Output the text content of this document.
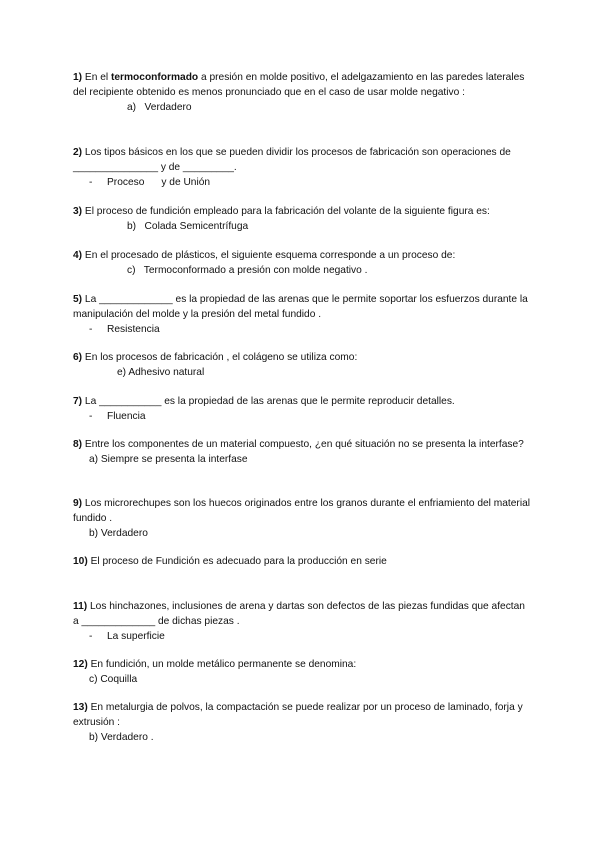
1) En el termoconformado a presión en molde positivo, el adelgazamiento en las paredes laterales del recipiente obtenido es menos pronunciado que en el caso de usar molde negativo :

a)   Verdadero

2) Los tipos básicos en los que se pueden dividir los procesos de fabricación son operaciones de _______________ y de _________.

- Proceso      y de Unión

3) El proceso de fundición empleado para la fabricación del volante de la siguiente figura es:

b)   Colada Semicentrífuga

4) En el procesado de plásticos, el siguiente esquema corresponde a un proceso de:

c)   Termoconformado a presión con molde negativo .

5) La _____________ es la propiedad de las arenas que le permite soportar los esfuerzos durante la manipulación del molde y la presión del metal fundido .

- Resistencia

6) En los procesos de fabricación , el colágeno se utiliza como:

e) Adhesivo natural

7) La ___________ es la propiedad de las arenas que le permite reproducir detalles.

- Fluencia

8) Entre los componentes de un material compuesto, ¿en qué situación no se presenta la interfase?

a) Siempre se presenta la interfase

9) Los microrechupes son los huecos originados entre los granos durante el enfriamiento del material fundido .

b) Verdadero

10) El proceso de Fundición es adecuado para la producción en serie

11) Los hinchazones, inclusiones de arena y dartas son defectos de las piezas fundidas que afectan a _____________ de dichas piezas .

- La superficie

12) En fundición, un molde metálico permanente se denomina:

c) Coquilla

13) En metalurgia de polvos, la compactación se puede realizar por un proceso de laminado, forja y extrusión :

b) Verdadero .
